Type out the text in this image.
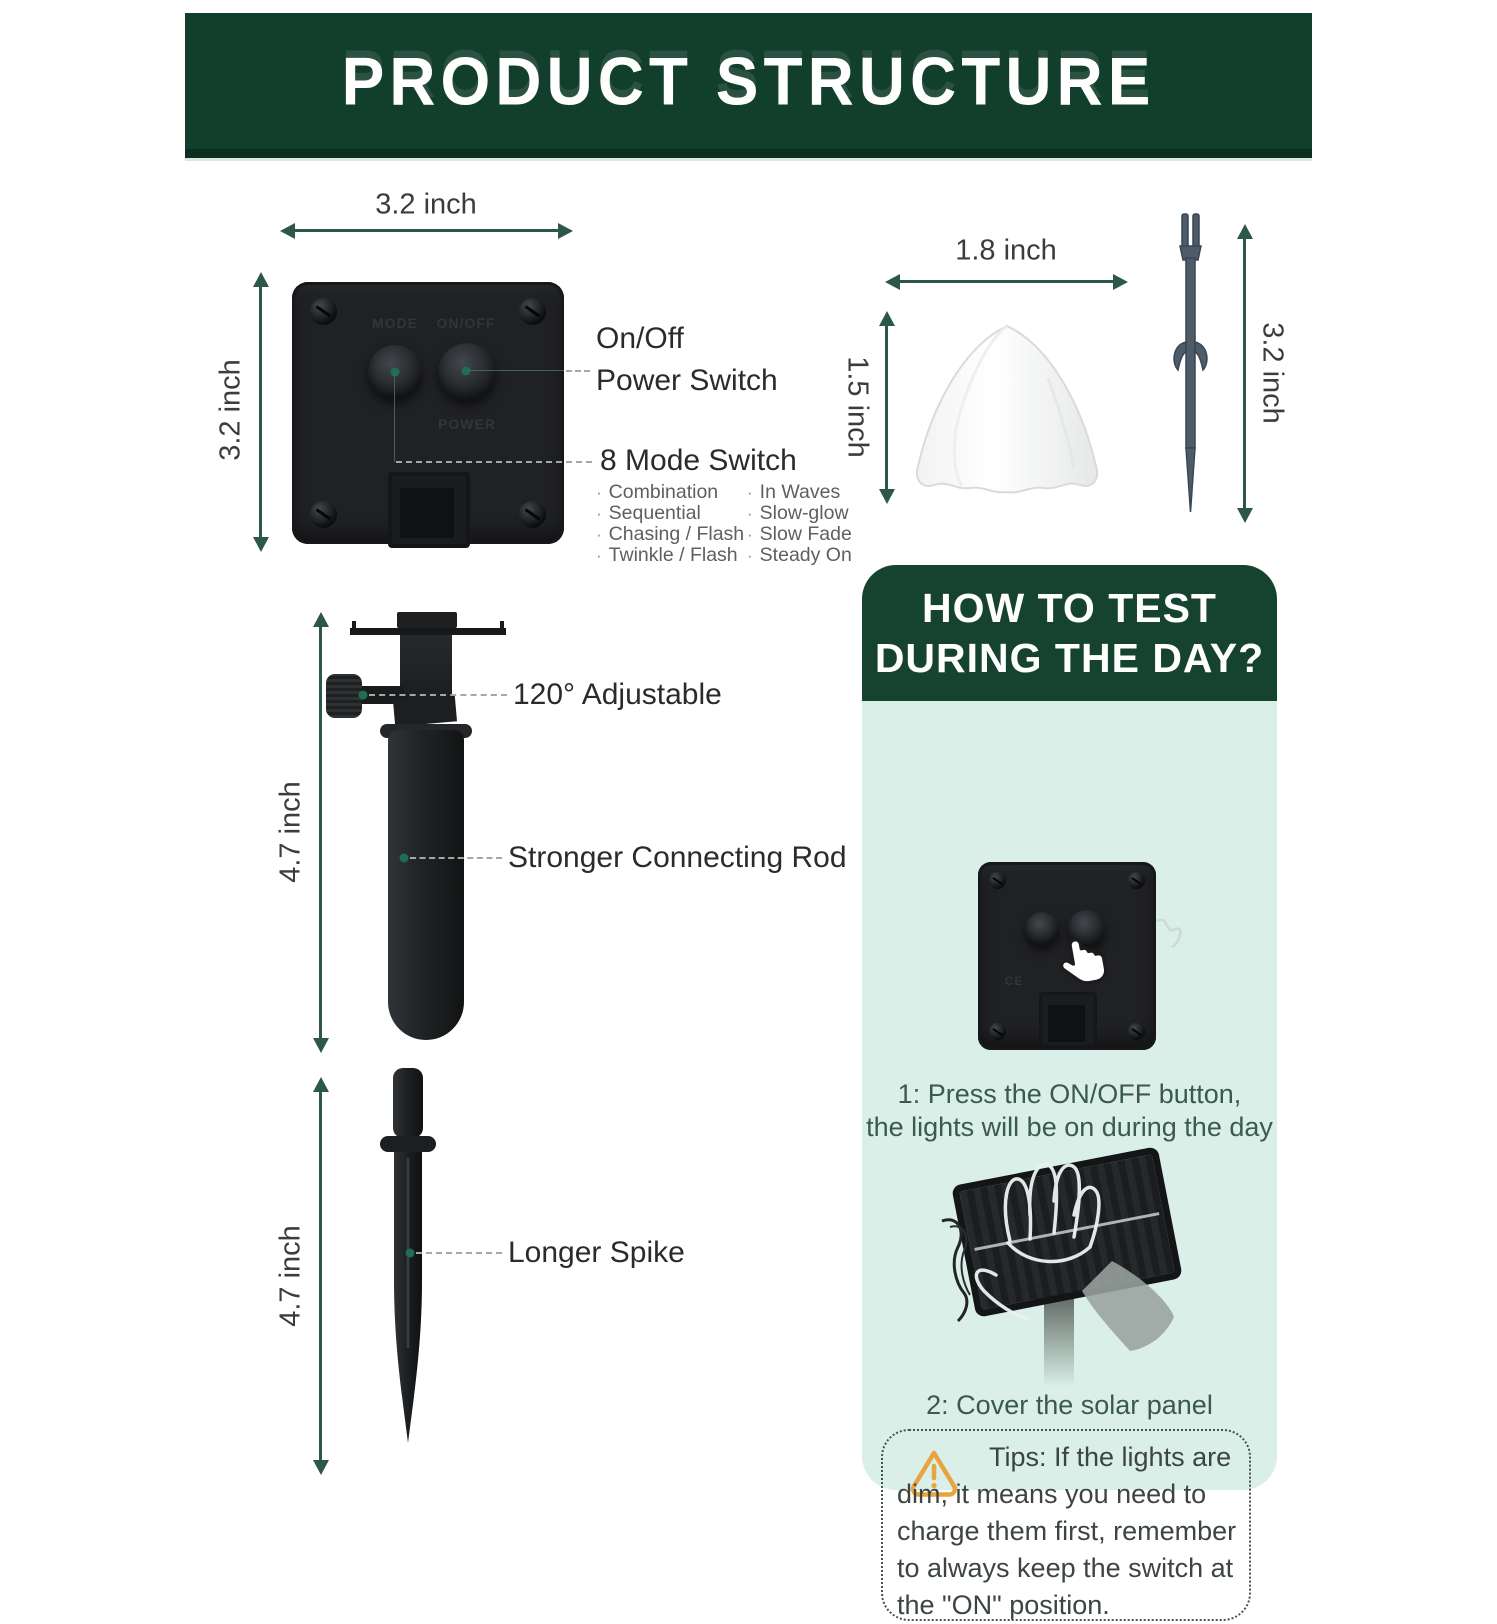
PRODUCT STRUCTURE
3.2 inch
3.2 inch
MODE ON/OFF
POWER
On/Off
Power Switch
8 Mode Switch
· Combination
· Sequential
· Chasing / Flash
· Twinkle / Flash
· In Waves
· Slow-glow
· Slow Fade
· Steady On
1.8 inch
1.5 inch	3.2 inch
4.7 inch
120° Adjustable
Stronger Connecting Rod
4.7 inch	Longer Spike
HOW TO TEST
DURING THE DAY?
CE
1: Press the ON/OFF button,
the lights will be on during the day
2: Cover the solar panel
Tips: If the lights are
dim, it means you need to
charge them first, remember
to always keep the switch at
the "ON" position.
